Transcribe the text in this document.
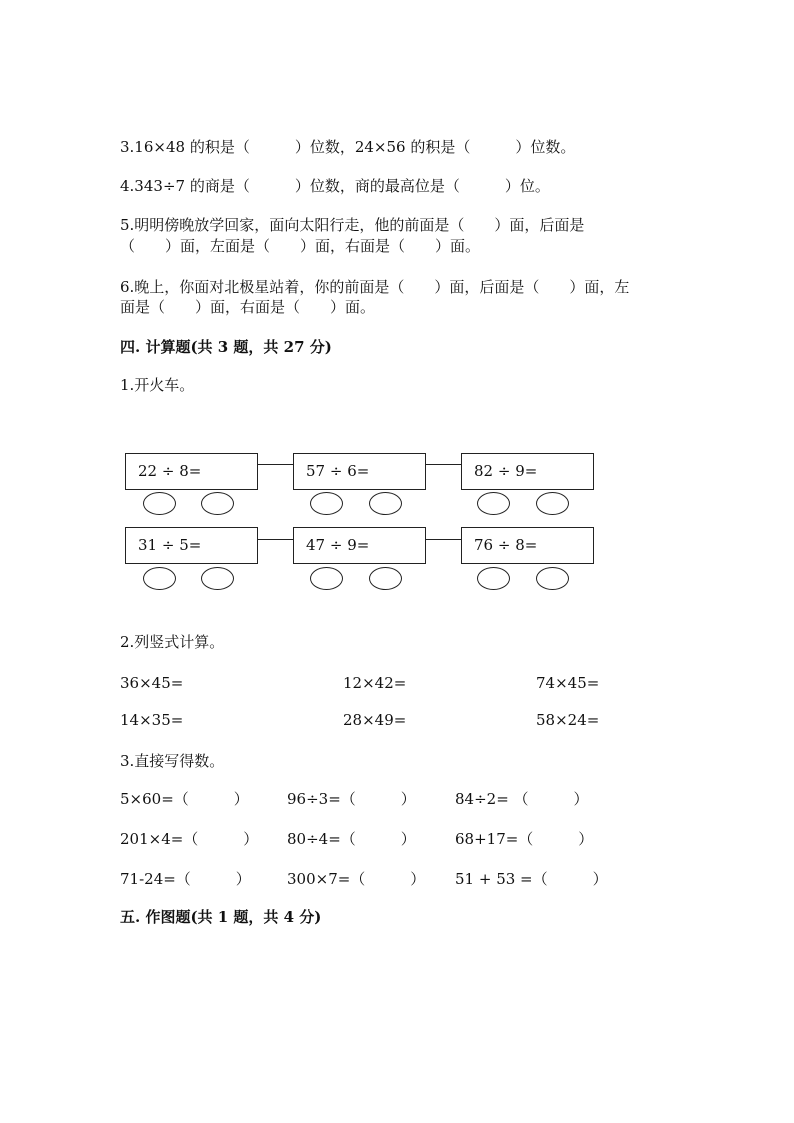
3.16×48 的积是（　　　）位数，24×56 的积是（　　　）位数。
4.343÷7 的商是（　　　）位数，商的最高位是（　　　）位。
5.明明傍晚放学回家，面向太阳行走，他的前面是（　　）面，后面是
（　　）面，左面是（　　）面，右面是（　　）面。
6.晚上，你面对北极星站着，你的前面是（　　）面，后面是（　　）面，左
面是（　　）面，右面是（　　）面。
四. 计算题(共 3 题，共 27 分)
1.开火车。
22 ÷ 8=	57 ÷ 6=	82 ÷ 9=
31 ÷ 5=	47 ÷ 9=	76 ÷ 8=
2.列竖式计算。
36×45=	12×42=	74×45=
14×35=	28×49=	58×24=
3.直接写得数。
5×60=（　　　）	96÷3=（　　　）	84÷2= （　　　）
201×4=（　　　） 80÷4=（　　　）	68+17=（　　　）
71-24=（　　　） 300×7=（　　　） 51 + 53 =（　　　）
五. 作图题(共 1 题，共 4 分)
